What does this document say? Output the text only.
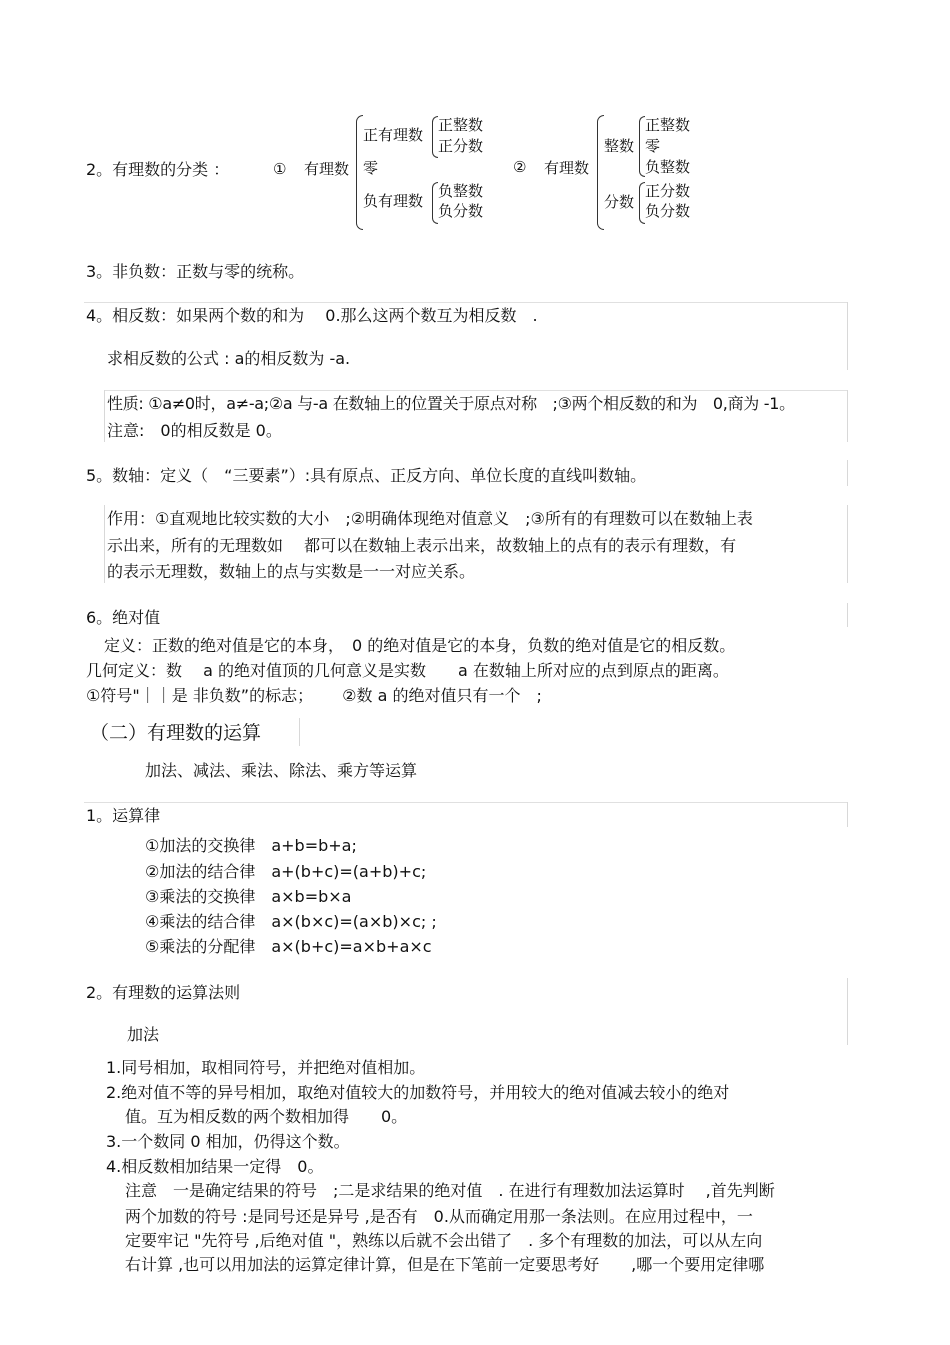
2。有理数的分类 ：	① 有理数
正有理数
正整数
正分数
零
负有理数
负整数
负分数
② 有理数
整数
正整数
零
负整数
分数
正分数
负分数
3。非负数：正数与零的统称。
4。相反数：如果两个数的和为　 0.那么这两个数互为相反数　.
求相反数的公式 : a的相反数为 -a.
性质: ①a≠0时，a≠-a;②a 与-a 在数轴上的位置关于原点对称　;③两个相反数的和为　0,商为 -1。
注意:　0的相反数是 0。
5。数轴：定义（　“三要素”）:具有原点、正反方向、单位长度的直线叫数轴。
作用：①直观地比较实数的大小　;②明确体现绝对值意义　;③所有的有理数可以在数轴上表
示出来，所有的无理数如　 都可以在数轴上表示出来，故数轴上的点有的表示有理数，有
的表示无理数，数轴上的点与实数是一一对应关系。
6。绝对值
定义：正数的绝对值是它的本身，　0 的绝对值是它的本身，负数的绝对值是它的相反数。
几何定义：数　 a 的绝对值顶的几何意义是实数　　a 在数轴上所对应的点到原点的距离。
①符号"｜｜是 非负数”的标志；　　 ②数 a 的绝对值只有一个　;
（二）有理数的运算
加法、减法、乘法、除法、乘方等运算
1。运算律
①加法的交换律　a+b=b+a;
②加法的结合律　a+(b+c)=(a+b)+c;
③乘法的交换律　a×b=b×a
④乘法的结合律　a×(b×c)=(a×b)×c; ;
⑤乘法的分配律　a×(b+c)=a×b+a×c
2。有理数的运算法则
加法
1.同号相加，取相同符号，并把绝对值相加。
2.绝对值不等的异号相加，取绝对值较大的加数符号，并用较大的绝对值减去较小的绝对
值。互为相反数的两个数相加得　　0。
3.一个数同 0 相加，仍得这个数。
4.相反数相加结果一定得　0。
注意　一是确定结果的符号　;二是求结果的绝对值　. 在进行有理数加法运算时　 ,首先判断
两个加数的符号 :是同号还是异号 ,是否有　0.从而确定用那一条法则。在应用过程中，一
定要牢记 "先符号 ,后绝对值 "，熟练以后就不会出错了　. 多个有理数的加法，可以从左向
右计算 ,也可以用加法的运算定律计算，但是在下笔前一定要思考好　　,哪一个要用定律哪
